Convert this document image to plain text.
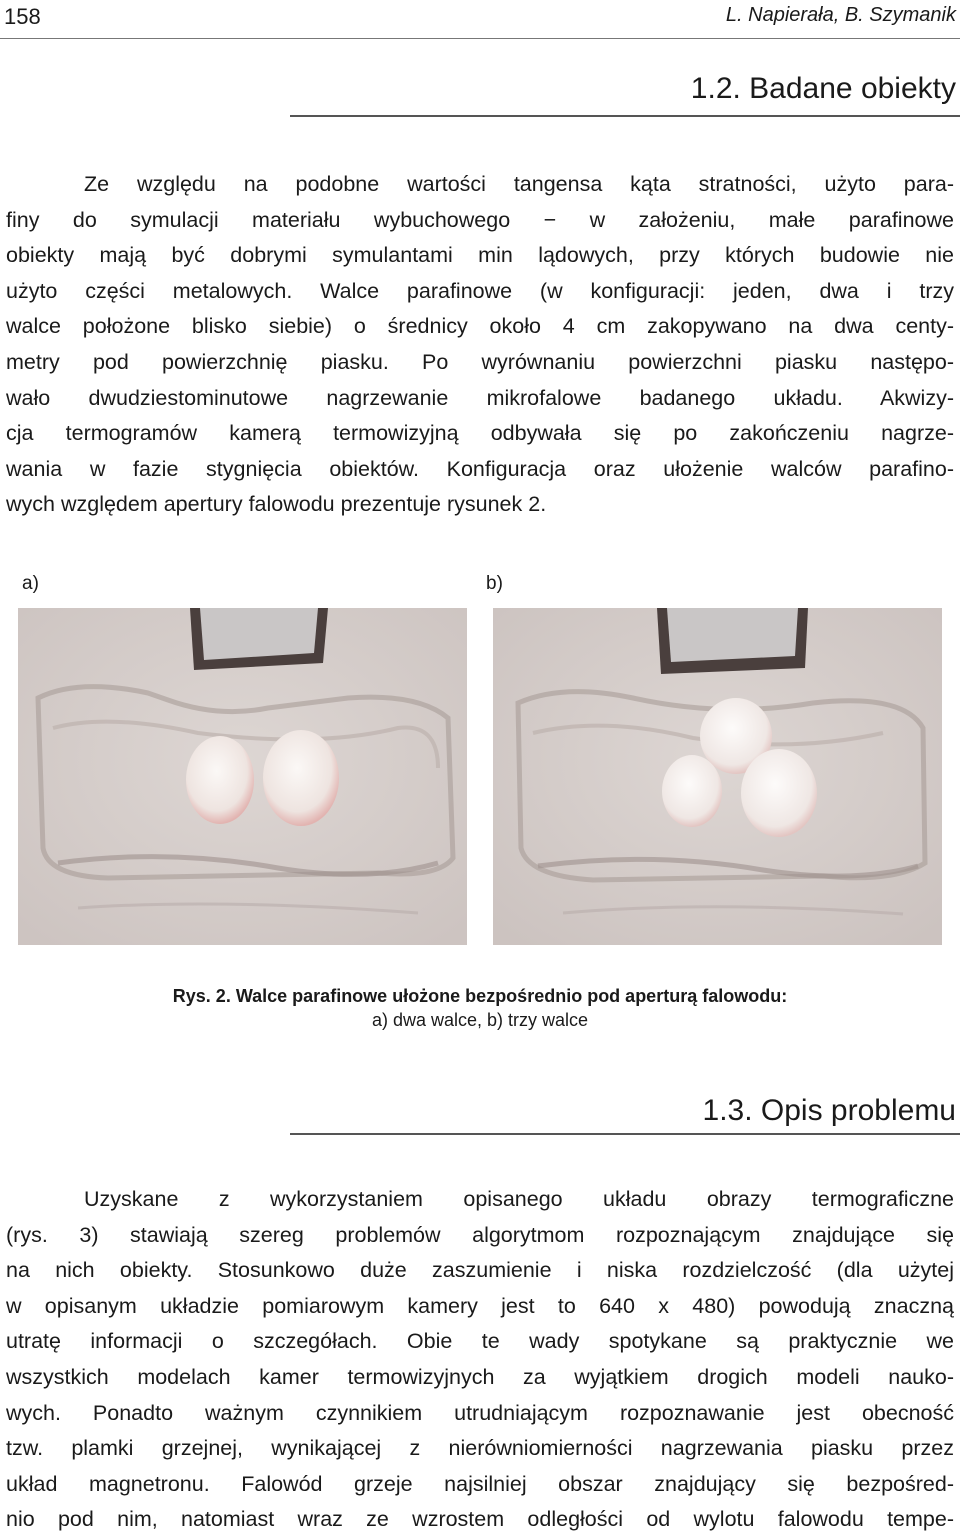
158	L. Napierała, B. Szymanik
1.2. Badane obiekty
Ze względu na podobne wartości tangensa kąta stratności, użyto para-
finy do symulacji materiału wybuchowego − w założeniu, małe parafinowe
obiekty mają być dobrymi symulantami min lądowych, przy których budowie nie
użyto części metalowych. Walce parafinowe (w konfiguracji: jeden, dwa i trzy
walce położone blisko siebie) o średnicy około 4 cm zakopywano na dwa centy-
metry pod powierzchnię piasku. Po wyrównaniu powierzchni piasku następo-
wało dwudziestominutowe nagrzewanie mikrofalowe badanego układu. Akwizy-
cja termogramów kamerą termowizyjną odbywała się po zakończeniu nagrze-
wania w fazie stygnięcia obiektów. Konfiguracja oraz ułożenie walców parafino-
wych względem apertury falowodu prezentuje rysunek 2.
a)	b)
Rys. 2. Walce parafinowe ułożone bezpośrednio pod aperturą falowodu:
a) dwa walce, b) trzy walce
1.3. Opis problemu
Uzyskane z wykorzystaniem opisanego układu obrazy termograficzne
(rys. 3) stawiają szereg problemów algorytmom rozpoznającym znajdujące się
na nich obiekty. Stosunkowo duże zaszumienie i niska rozdzielczość (dla użytej
w opisanym układzie pomiarowym kamery jest to 640 x 480) powodują znaczną
utratę informacji o szczegółach. Obie te wady spotykane są praktycznie we
wszystkich modelach kamer termowizyjnych za wyjątkiem drogich modeli nauko-
wych. Ponadto ważnym czynnikiem utrudniającym rozpoznawanie jest obecność
tzw. plamki grzejnej, wynikającej z nierówniomierności nagrzewania piasku przez
układ magnetronu. Falowód grzeje najsilniej obszar znajdujący się bezpośred-
nio pod nim, natomiast wraz ze wzrostem odległości od wylotu falowodu tempe-
